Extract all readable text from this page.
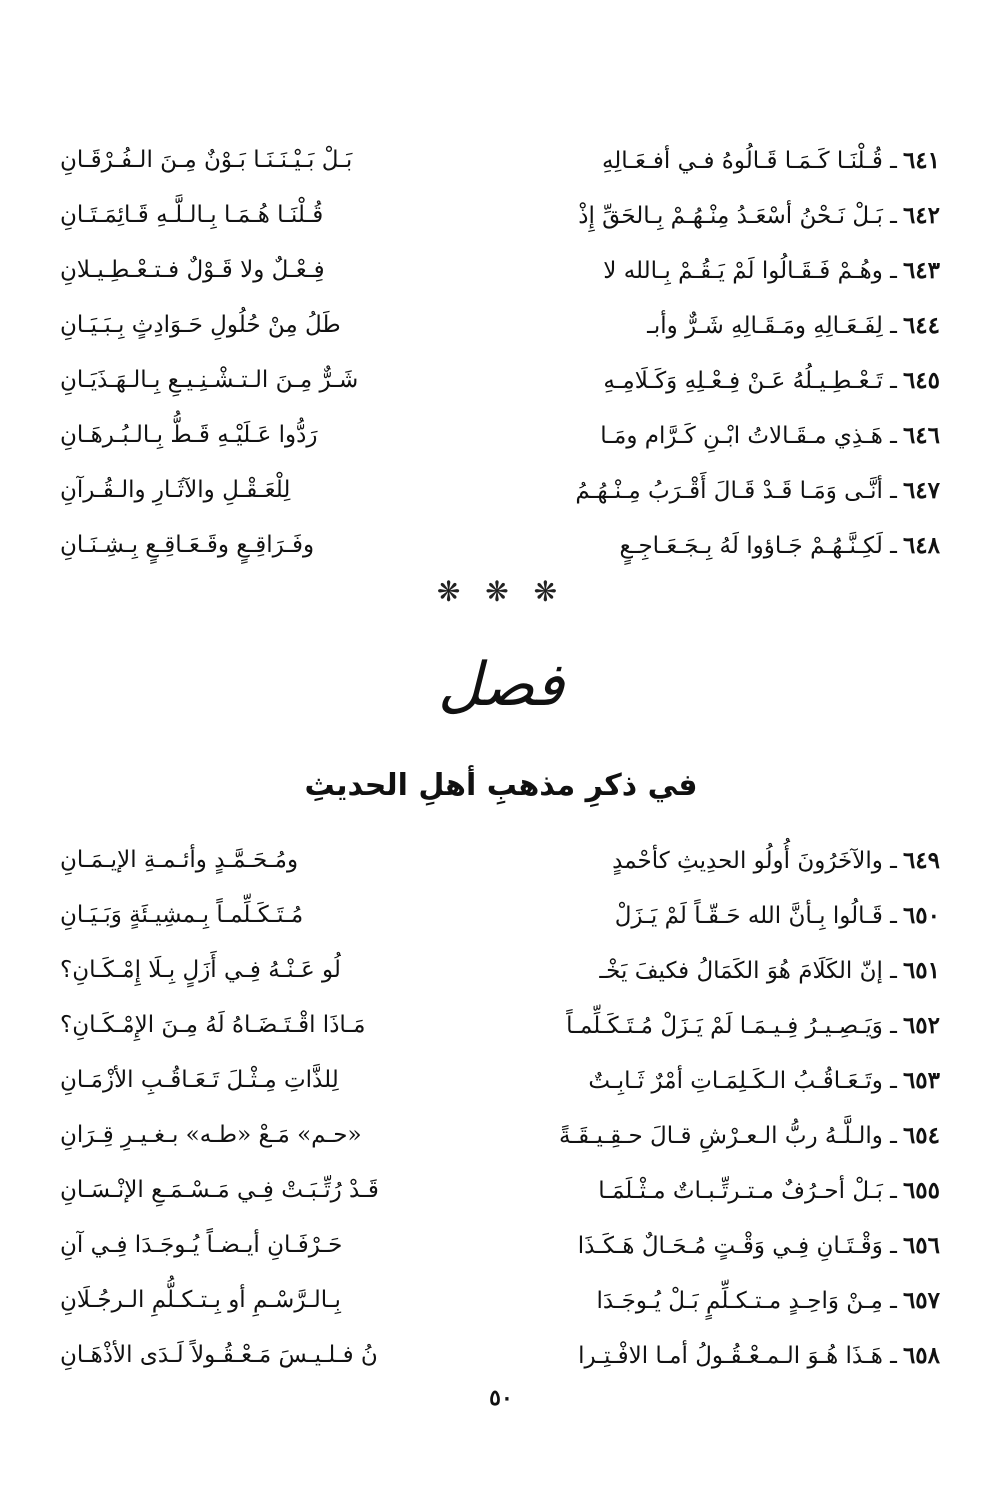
٦٤١ـ قُـلْنَـا كَـمَـا قَـالُوهُ فـي أفـعَـالِهِ
بَـلْ بَـيْـنَـنَـا بَـوْنٌ مِـنَ الـفُـرْقَـانِ
٦٤٢ـ بَـلْ نَـحْنُ أسْعَـدُ مِنْـهُـمْ بِـالحَقِّ إِذْ
قُـلْنَـا هُـمَـا بِـالـلَّـهِ قَـائِمَـتَـانِ
٦٤٣ـ وهُـمْ فَـقَـالُوا لَمْ يَـقُـمْ بِـالله لا
فِـعْـلٌ ولا قَـوْلٌ فـتـعْـطِـيـلانِ
٦٤٤ـ لِفَـعَـالِهِ ومَـقَـالِهِ شَـرٌّ وأبـ
طَلُ مِنْ حُلُولِ حَـوَادِثٍ بِـبَـيَـانِ
٦٤٥ـ تَـعْـطِـيـلُهُ عَـنْ فِـعْـلِهِ وَكَـلَامِـهِ
شَـرٌّ مِـنَ الـتـشْـنِـيـعِ بِـالـهَـذَيَـانِ
٦٤٦ـ هَـذِي مـقَـالاتُ ابْـنِ كَـرَّام ومَـا
رَدُّوا عَـلَيْـهِ قَـطُّ بِـالـبُـرهَـانِ
٦٤٧ـ أنَّـى وَمَـا قَـدْ قَـالَ أَقْـرَبُ مِـنْـهُـمُ
لِلْعَـقْـلِ والآثَـارِ والـقُـرآنِ
٦٤٨ـ لَكِـنَّـهُـمْ جَـاؤوا لَهُ بِـجَـعَـاجِـعٍ
وفَـرَاقِـعٍ وقَـعَـاقِـعٍ بِـشِـنَـانِ
❋ ❋ ❋
فصل
في ذكرِ مذهبِ أهلِ الحديثِ
٦٤٩ـ والآخَرُونَ أُولُو الحدِيثِ كأحْمدٍ
ومُـحَـمَّـدٍ وأئـمـةِ الإيـمَـانِ
٦٥٠ـ قَـالُوا بِـأنَّ الله حَـقّـاً لَمْ يَـزَلْ
مُـتَـكَـلِّمـاً بِـمشِيـئَةٍ وَبَـيَـانِ
٦٥١ـ إنّ الكَلَامَ هُوَ الكَمَالُ فكيفَ يَخْـ
لُو عَـنْـهُ فِـي أَزَلٍ بِـلَا إِمْـكَـانِ؟
٦٥٢ـ وَيَـصِـيـرُ فِـيـمَـا لَمْ يَـزَلْ مُـتَـكَـلِّمـاً
مَـاذَا اقْـتَـضَـاهُ لَهُ مِـنَ الإِمْـكَـانِ؟
٦٥٣ـ وتَـعَـاقُـبُ الـكَـلِمَـاتِ أمْرٌ ثَـابِـتٌ
لِلذَّاتِ مِـثْـلَ تَـعَـاقُـبِ الأزْمَـانِ
٦٥٤ـ والـلَّـهُ ربُّ الـعـرْشِ قـالَ حـقِـيـقَـةً
«حـم» مَـعْ «طـه» بـغـيـرِ قِـرَانِ
٦٥٥ـ بَـلْ أحـرُفٌ مـتـرتِّـبـاتٌ مـثْـلَمَـا
قَـدْ رُتِّـبَـتْ فِـي مَـسْـمَـعِ الإنْـسَـانِ
٦٥٦ـ وَقْـتَـانِ فِـي وَقْـتٍ مُـحَـالٌ هَـكَـذَا
حَـرْفَـانِ أيـضـاً يُـوجَـدَا فِـي آنِ
٦٥٧ـ مِـنْ وَاحِـدٍ مـتـكـلِّمٍ بَـلْ يُـوجَـدَا
بِـالـرَّسْـمِ أو بِـتـكـلُّمِ الـرجُـلَانِ
٦٥٨ـ هَـذَا هُـوَ الـمـعْـقُـولُ أمـا الافْـتِـرا
نُ فـلـيـسَ مَـعْـقُـولاً لَـدَى الأذْهَـانِ
٥٠
